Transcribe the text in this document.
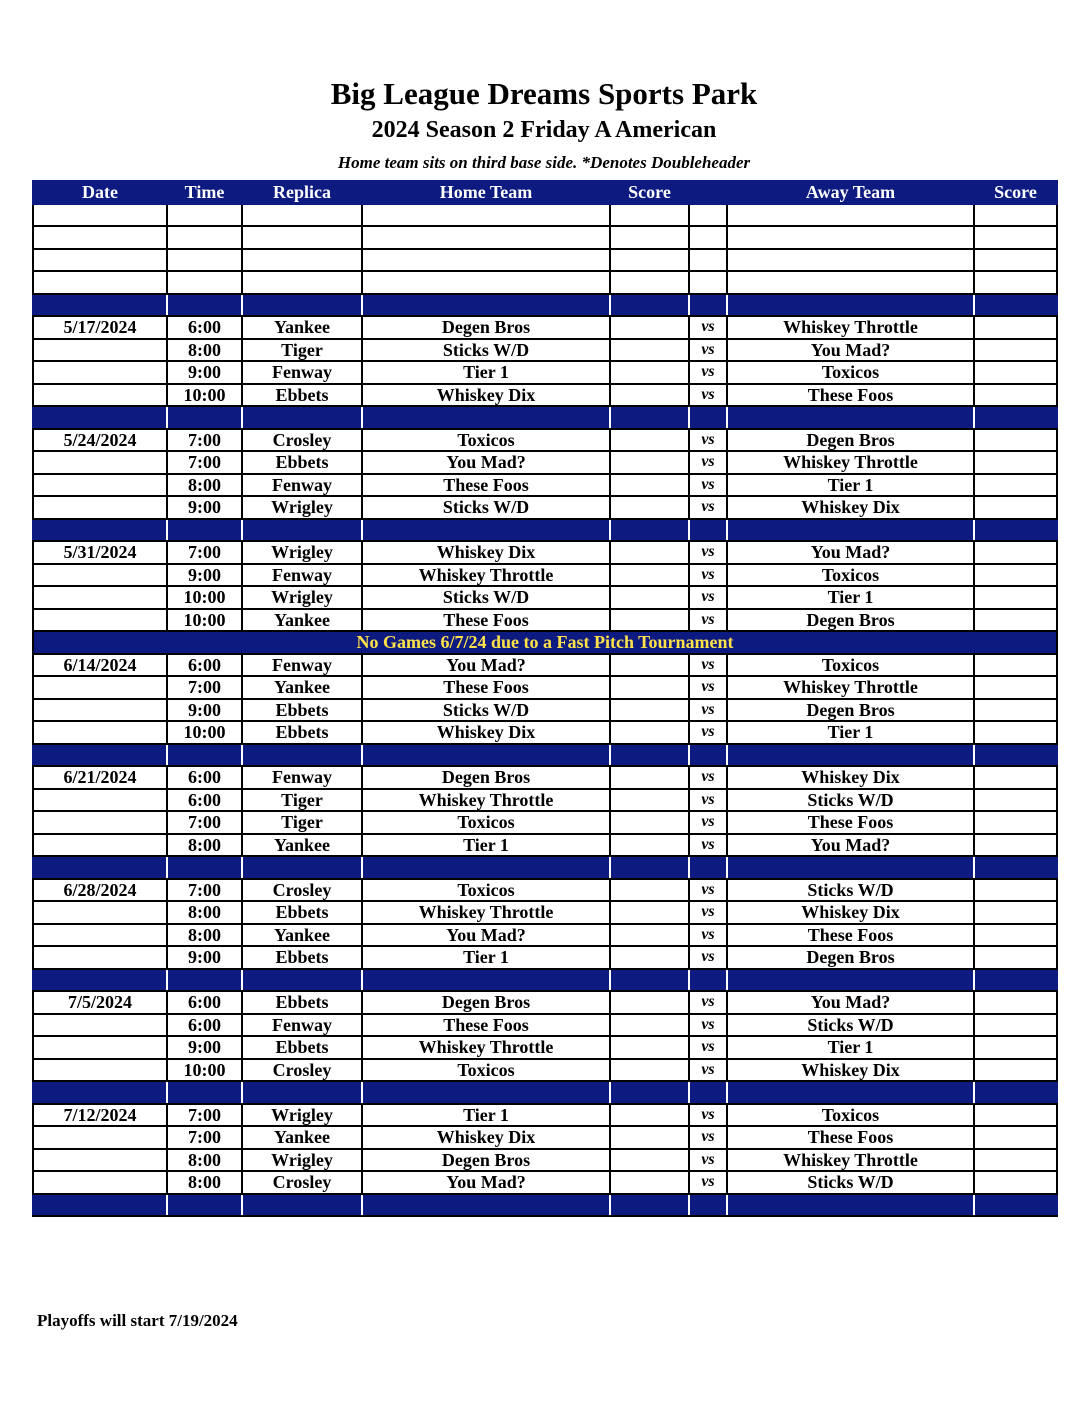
Big League Dreams Sports Park
2024 Season 2 Friday A American
Home team sits on third base side. *Denotes Doubleheader
Date	Time	Replica	Home Team	Score		Away Team	Score

5/17/2024	6:00	Yankee	Degen Bros		vs	Whiskey Throttle	
	8:00	Tiger	Sticks W/D		vs	You Mad?	
	9:00	Fenway	Tier 1		vs	Toxicos	
	10:00	Ebbets	Whiskey Dix		vs	These Foos	

5/24/2024	7:00	Crosley	Toxicos		vs	Degen Bros	
	7:00	Ebbets	You Mad?		vs	Whiskey Throttle	
	8:00	Fenway	These Foos		vs	Tier 1	
	9:00	Wrigley	Sticks W/D		vs	Whiskey Dix	

5/31/2024	7:00	Wrigley	Whiskey Dix		vs	You Mad?	
	9:00	Fenway	Whiskey Throttle		vs	Toxicos	
	10:00	Wrigley	Sticks W/D		vs	Tier 1	
	10:00	Yankee	These Foos		vs	Degen Bros	
No Games 6/7/24 due to a Fast Pitch Tournament							
6/14/2024	6:00	Fenway	You Mad?		vs	Toxicos	
	7:00	Yankee	These Foos		vs	Whiskey Throttle	
	9:00	Ebbets	Sticks W/D		vs	Degen Bros	
	10:00	Ebbets	Whiskey Dix		vs	Tier 1	

6/21/2024	6:00	Fenway	Degen Bros		vs	Whiskey Dix	
	6:00	Tiger	Whiskey Throttle		vs	Sticks W/D	
	7:00	Tiger	Toxicos		vs	These Foos	
	8:00	Yankee	Tier 1		vs	You Mad?	

6/28/2024	7:00	Crosley	Toxicos		vs	Sticks W/D	
	8:00	Ebbets	Whiskey Throttle		vs	Whiskey Dix	
	8:00	Yankee	You Mad?		vs	These Foos	
	9:00	Ebbets	Tier 1		vs	Degen Bros	

7/5/2024	6:00	Ebbets	Degen Bros		vs	You Mad?	
	6:00	Fenway	These Foos		vs	Sticks W/D	
	9:00	Ebbets	Whiskey Throttle		vs	Tier 1	
	10:00	Crosley	Toxicos		vs	Whiskey Dix	

7/12/2024	7:00	Wrigley	Tier 1		vs	Toxicos	
	7:00	Yankee	Whiskey Dix		vs	These Foos	
	8:00	Wrigley	Degen Bros		vs	Whiskey Throttle	
	8:00	Crosley	You Mad?		vs	Sticks W/D	

Playoffs will start 7/19/2024
